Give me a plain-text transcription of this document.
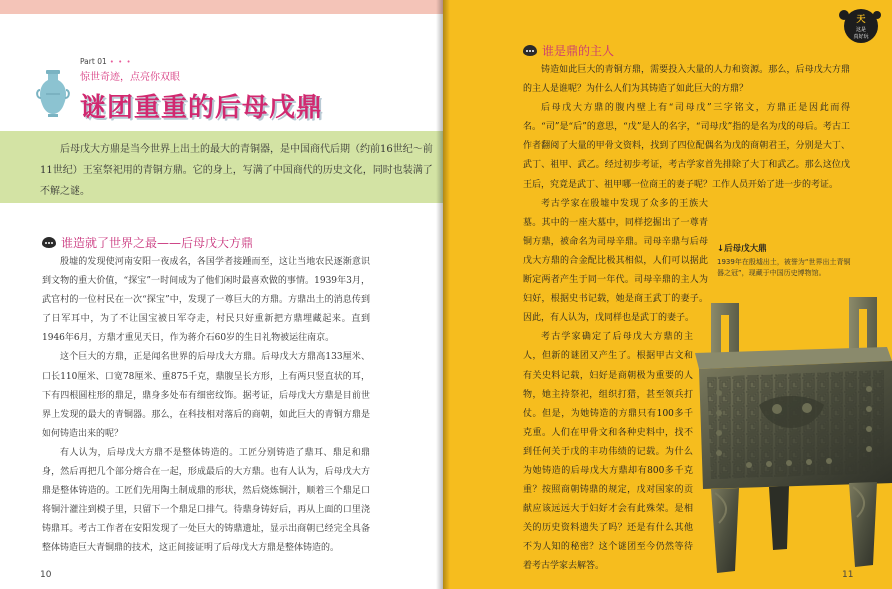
Part 01 • • •
惊世奇迹，点亮你双眼
谜团重重的后母戊鼎

后母戊大方鼎是当今世界上出土的最大的青铜器，是中国商代后期（约前16世纪～前11世纪）王室祭祀用的青铜方鼎。它的身上，写满了中国商代的历史文化，同时也装满了不解之谜。

谁造就了世界之最——后母戊大方鼎

殷墟的发现使河南安阳一夜成名，各国学者接踵而至，这让当地农民逐渐意识到文物的重大价值，“探宝”一时间成为了他们闲时最喜欢做的事情。1939年3月，武官村的一位村民在一次“探宝”中，发现了一尊巨大的方鼎。方鼎出土的消息传到了日军耳中，为了不让国宝被日军夺走，村民只好重新把方鼎埋藏起来。直到1946年6月，方鼎才重见天日，作为蒋介石60岁的生日礼物被运往南京。

这个巨大的方鼎，正是闻名世界的后母戊大方鼎。后母戊大方鼎高133厘米、口长110厘米、口宽78厘米、重875千克，鼎腹呈长方形，上有两只竖直状的耳，下有四根圆柱形的鼎足，鼎身多处布有细密纹饰。据考证，后母戊大方鼎是目前世界上发现的最大的青铜器。那么，在科技相对落后的商朝，如此巨大的青铜方鼎是如何铸造出来的呢？

有人认为，后母戊大方鼎不是整体铸造的。工匠分别铸造了鼎耳、鼎足和鼎身，然后再把几个部分熔合在一起，形成最后的大方鼎。也有人认为，后母戊大方鼎是整体铸造的。工匠们先用陶土制成鼎的形状，然后烧炼铜汁，顺着三个鼎足口将铜汁灌注到模子里，只留下一个鼎足口排气。待鼎身铸好后，再从上面的口里浇铸鼎耳。考古工作者在安阳发现了一处巨大的铸鼎遗址，显示出商朝已经完全具备整体铸造巨大青铜鼎的技术，这正间接证明了后母戊大方鼎是整体铸造的。

10
天
这是
真好玩
谁是鼎的主人

铸造如此巨大的青铜方鼎，需要投入大量的人力和资源。那么，后母戊大方鼎的主人是谁呢？为什么人们为其铸造了如此巨大的方鼎？

后母戊大方鼎的腹内壁上有“司母戊”三字铭文，方鼎正是因此而得名。“司”是“后”的意思，“戊”是人的名字，“司母戊”指的是名为戊的母后。考古工作者翻阅了大量的甲骨文资料，找到了四位配偶名为戊的商朝君王，分别是大丁、武丁、祖甲、武乙。经过初步考证，考古学家首先排除了大丁和武乙。那么这位戊王后，究竟是武丁、祖甲哪一位商王的妻子呢？工作人员开始了进一步的考证。

考古学家在殷墟中发现了众多的王族大墓。其中的一座大墓中，同样挖掘出了一尊青铜方鼎，被命名为司母辛鼎。司母辛鼎与后母戊大方鼎的合金配比极其相似，人们可以据此断定两者产生于同一年代。司母辛鼎的主人为妇好，根据史书记载，她是商王武丁的妻子。因此，有人认为，戊同样也是武丁的妻子。

考古学家确定了后母戊大方鼎的主人，但新的谜团又产生了。根据甲古文和有关史料记载，妇好是商朝极为重要的人物，她主持祭祀，组织打猎，甚至领兵打仗。但是，为她铸造的方鼎只有100多千克重。人们在甲骨文和各种史料中，找不到任何关于戊的丰功伟绩的记载。为什么为她铸造的后母戊大方鼎却有800多千克重？按照商朝铸鼎的规定，戊对国家的贡献应该远远大于妇好才会有此殊荣。是相关的历史资料遗失了吗？还是有什么其他不为人知的秘密？这个谜团至今仍然等待着考古学家去解答。

↓后母戊大鼎
1939年在殷墟出土，被誉为“世界出土青铜器之冠”，现藏于中国历史博物馆。
11
